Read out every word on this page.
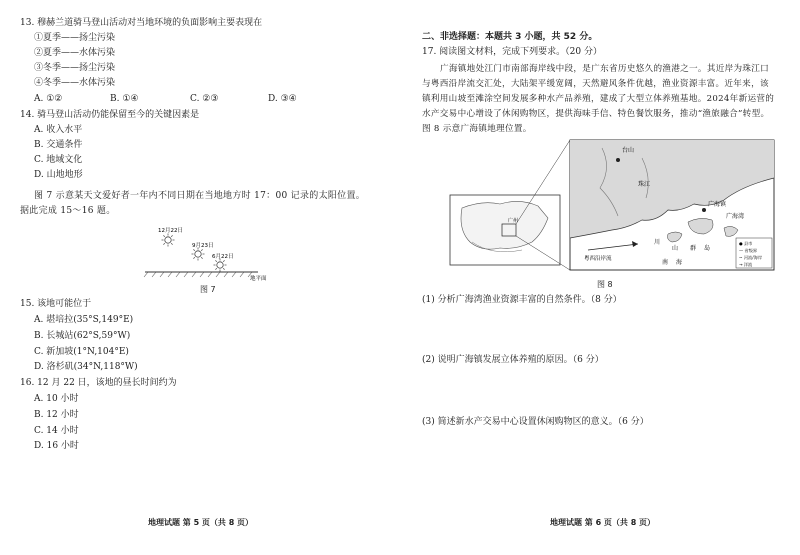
13. 穆赫兰道骑马登山活动对当地环境的负面影响主要表现在
①夏季——扬尘污染
②夏季——水体污染
③冬季——扬尘污染
④冬季——水体污染
A. ①②	B. ①④	C. ②③	D. ③④
14. 骑马登山活动仍能保留至今的关键因素是
A. 收入水平
B. 交通条件
C. 地域文化
D. 山地地形
图 7 示意某天文爱好者一年内不同日期在当地地方时 17：00 记录的太阳位置。据此完成 15～16 题。
12月22日
9月23日
6月22日
地平面
图 7
15. 该地可能位于
A. 堪培拉(35°S,149°E)
B. 长城站(62°S,59°W)
C. 新加坡(1°N,104°E)
D. 洛杉矶(34°N,118°W)
16. 12 月 22 日，该地的昼长时间约为
A. 10 小时
B. 12 小时
C. 14 小时
D. 16 小时
地理试题 第 5 页（共 8 页）
二、非选择题：本题共 3 小题，共 52 分。
17. 阅读图文材料，完成下列要求。（20 分）
广海镇地处江门市南部海岸线中段，是广东省历史悠久的渔港之一。其近岸为珠江口与粤西沿岸流交汇处，大陆架平缓宽阔，天然避风条件优越，渔业资源丰富。近年来，该镇利用山坡至滩涂空间发展多种水产品养殖，建成了大型立体养殖基地。2024年新运营的水产交易中心增设了休闲购物区，提供海味手信、特色餐饮服务，推动“渔旅融合”转型。图 8 示意广海镇地理位置。
广州
台山
广海镇
广海湾
珠江
粤西沿岸流
川
山 群 岛
南 海
● 县市
— 省级界
~ 河流/海岸
→ 洋流
图 8
(1) 分析广海湾渔业资源丰富的自然条件。（8 分）
(2) 说明广海镇发展立体养殖的原因。（6 分）
(3) 简述新水产交易中心设置休闲购物区的意义。（6 分）
地理试题 第 6 页（共 8 页）
